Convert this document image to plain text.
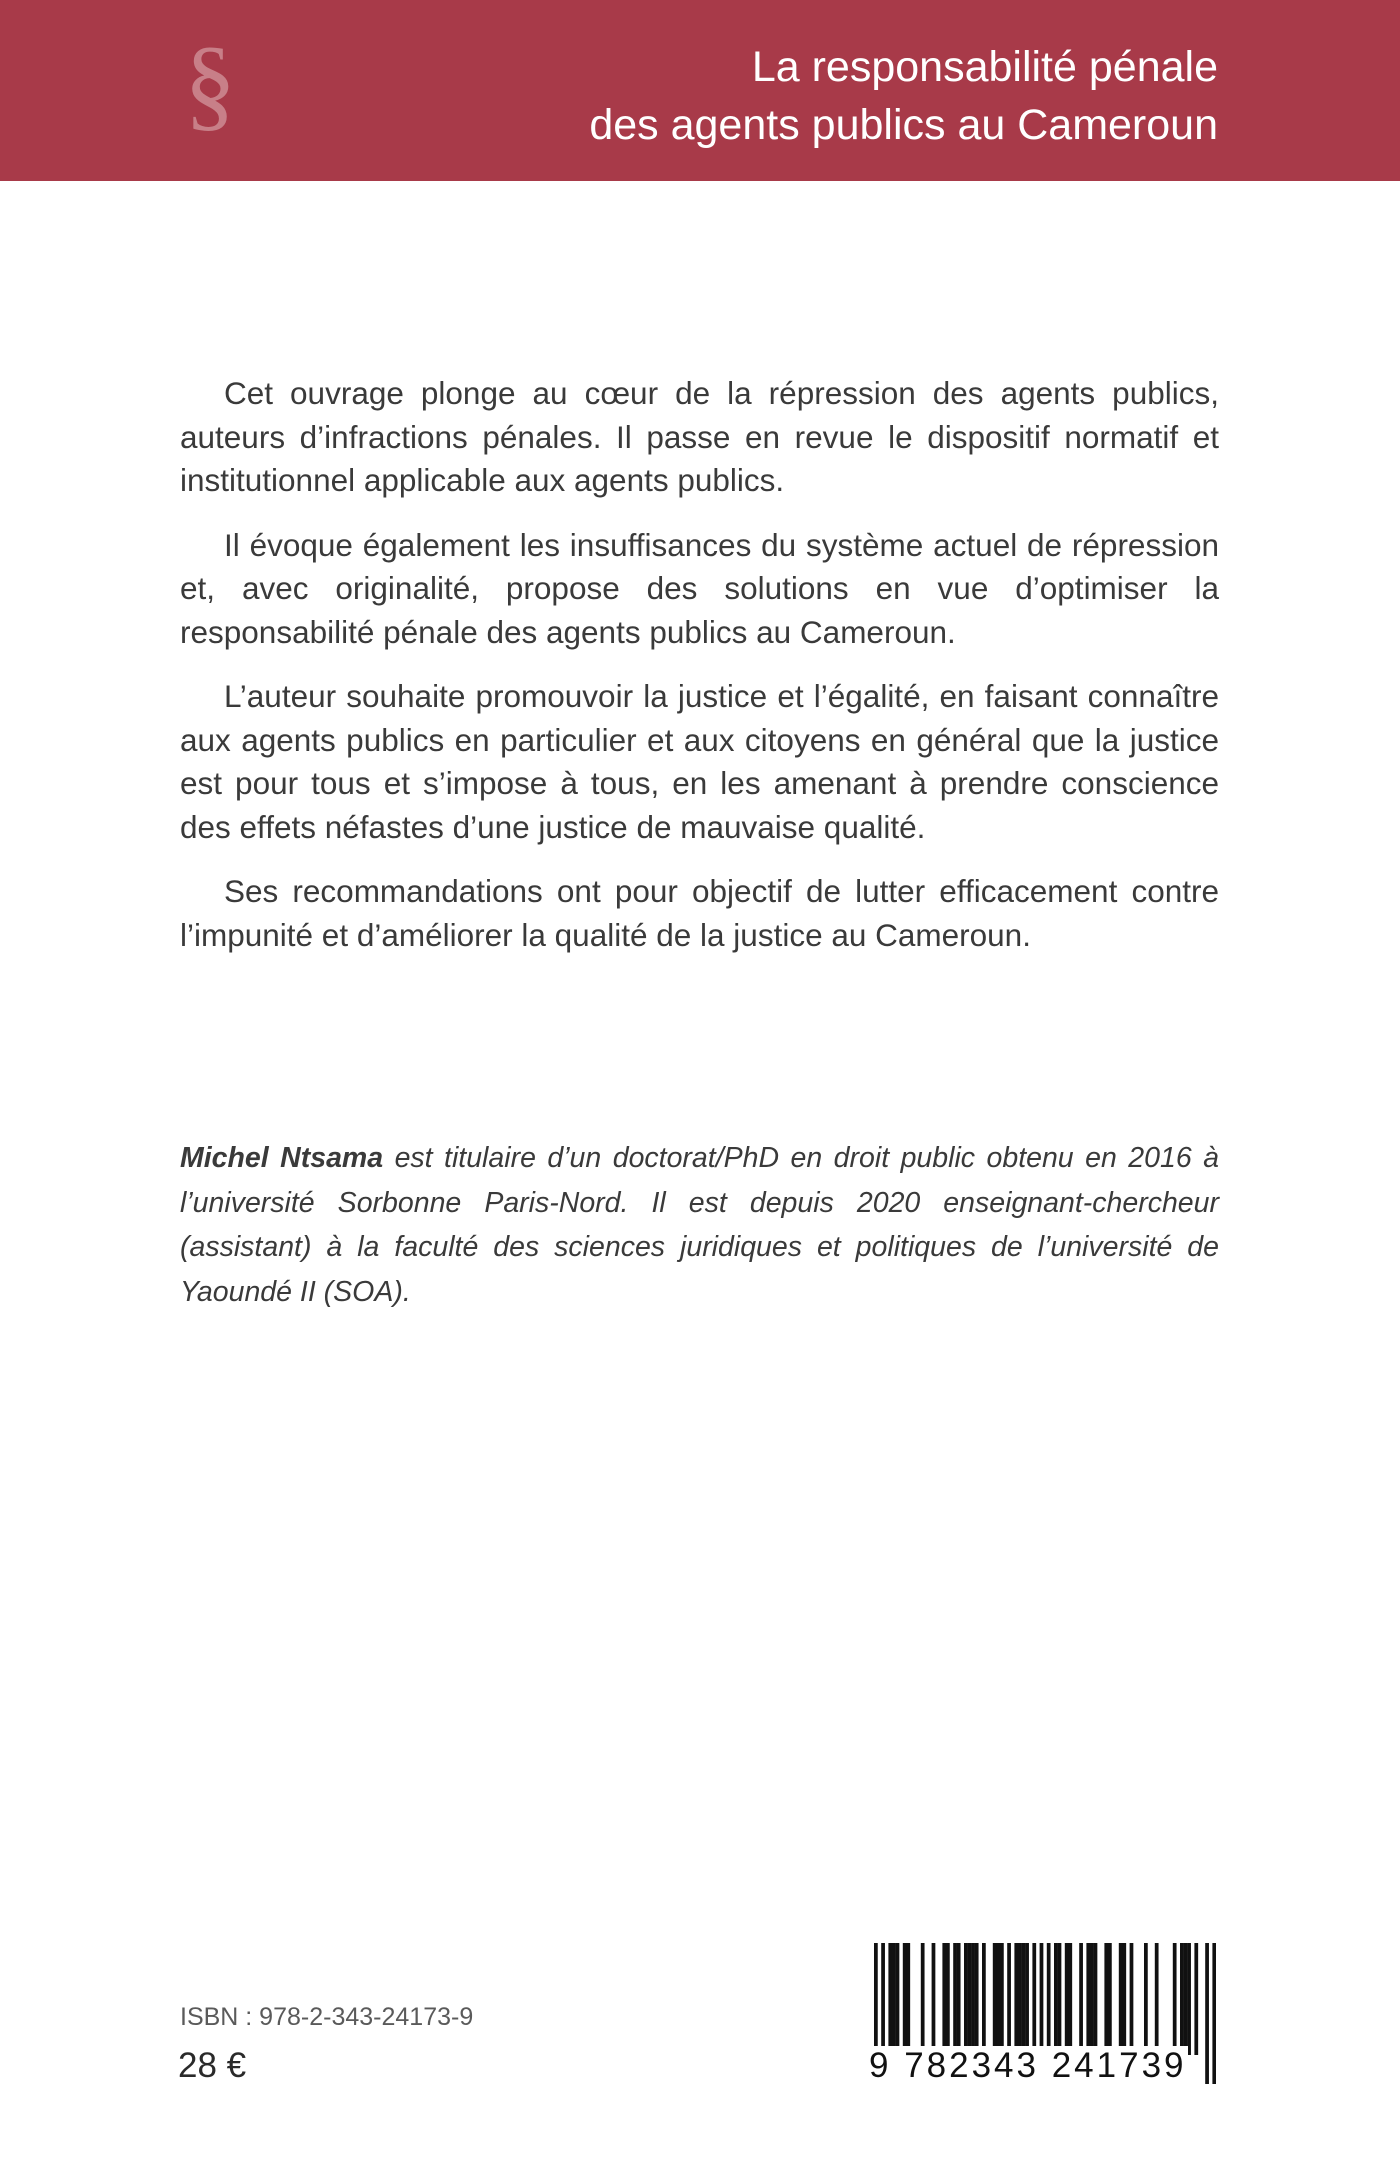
§	La responsabilité pénale
des agents publics au Cameroun

Cet ouvrage plonge au cœur de la répression des agents publics, auteurs d’infractions pénales. Il passe en revue le dispositif normatif et institutionnel applicable aux agents publics.

Il évoque également les insuffisances du système actuel de répression et, avec originalité, propose des solutions en vue d’optimiser la responsabilité pénale des agents publics au Cameroun.

L’auteur souhaite promouvoir la justice et l’égalité, en faisant connaître aux agents publics en particulier et aux citoyens en général que la justice est pour tous et s’impose à tous, en les amenant à prendre conscience des effets néfastes d’une justice de mauvaise qualité.

Ses recommandations ont pour objectif de lutter efficacement contre l’impunité et d’améliorer la qualité de la justice au Cameroun.

Michel Ntsama est titulaire d’un doctorat/PhD en droit public obtenu en 2016 à l’université Sorbonne Paris-Nord. Il est depuis 2020 enseignant-chercheur (assistant) à la faculté des sciences juridiques et politiques de l’université de Yaoundé II (SOA).

ISBN : 978-2-343-24173-9
28 €	9 782343 241739
